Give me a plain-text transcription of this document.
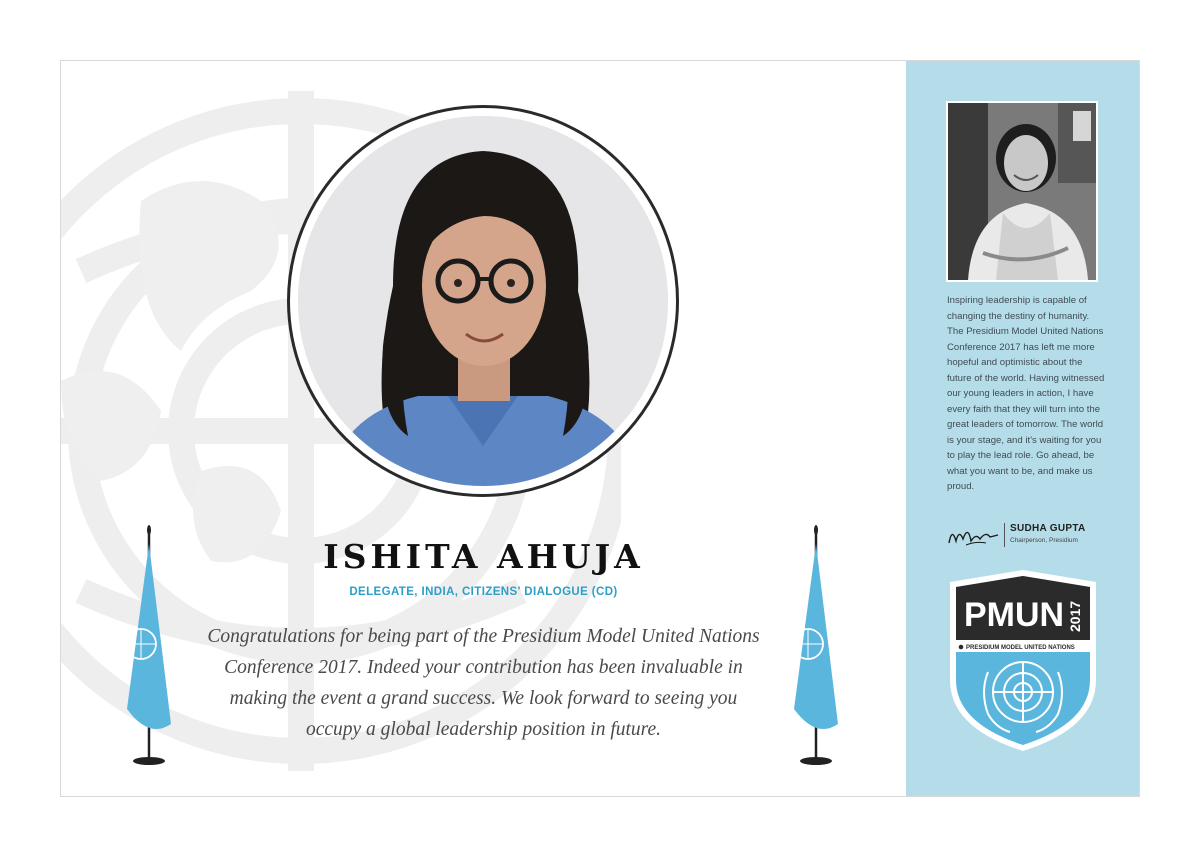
ISHITA AHUJA
DELEGATE, INDIA, CITIZENS' DIALOGUE (CD)
Congratulations for being part of the Presidium Model United Nations Conference 2017. Indeed your contribution has been invaluable in making the event a grand success. We look forward to seeing you occupy a global leadership position in future.
Inspiring leadership is capable of changing the destiny of humanity. The Presidium Model United Nations Conference 2017 has left me more hopeful and optimistic about the future of the world. Having witnessed our young leaders in action, I have every faith that they will turn into the great leaders of tomorrow. The world is your stage, and it's waiting for you to play the lead role. Go ahead, be what you want to be, and make us proud.
SUDHA GUPTA
Chairperson, Presidium
PMUN 2017
PRESIDIUM MODEL UNITED NATIONS
